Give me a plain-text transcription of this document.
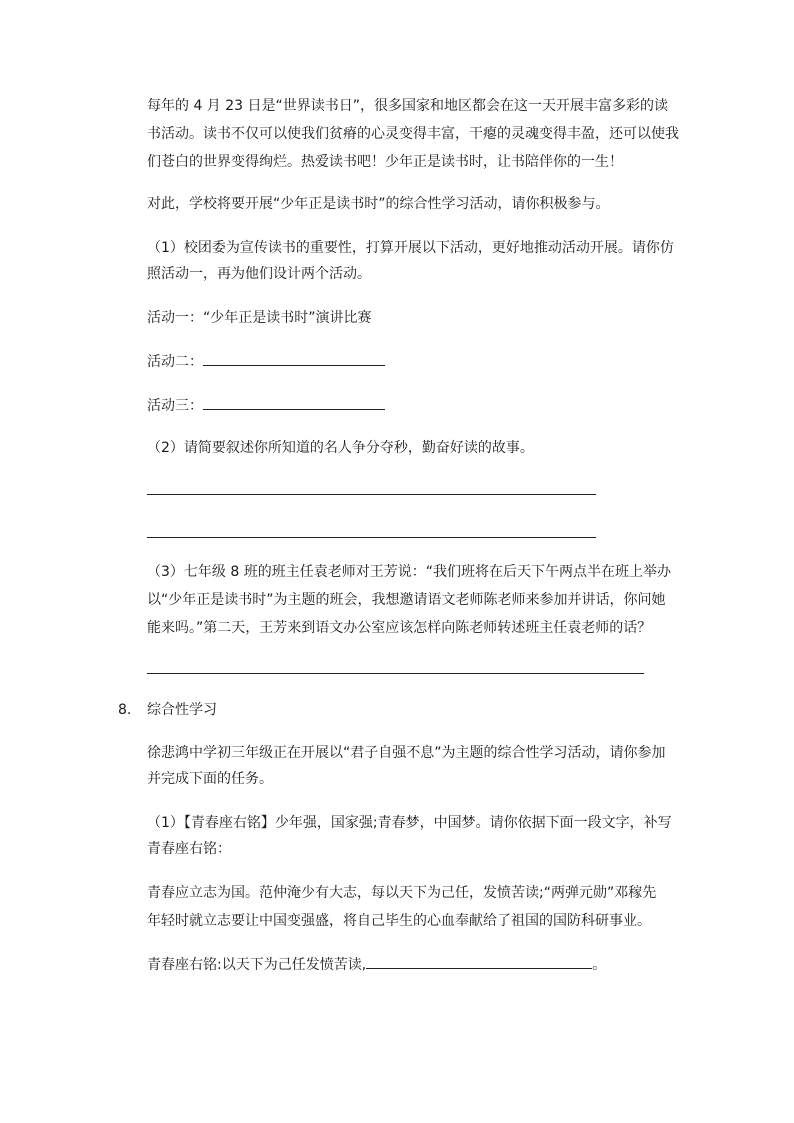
每年的 4 月 23 日是“世界读书日”，很多国家和地区都会在这一天开展丰富多彩的读
书活动。读书不仅可以使我们贫瘠的心灵变得丰富，干瘪的灵魂变得丰盈，还可以使我
们苍白的世界变得绚烂。热爱读书吧！少年正是读书时，让书陪伴你的一生！
对此，学校将要开展“少年正是读书时”的综合性学习活动，请你积极参与。
（1）校团委为宣传读书的重要性，打算开展以下活动，更好地推动活动开展。请你仿
照活动一，再为他们设计两个活动。
活动一：“少年正是读书时”演讲比赛
活动二：
活动三：
（2）请简要叙述你所知道的名人争分夺秒，勤奋好读的故事。
（3）七年级 8 班的班主任袁老师对王芳说：“我们班将在后天下午两点半在班上举办
以“少年正是读书时”为主题的班会，我想邀请语文老师陈老师来参加并讲话，你问她
能来吗。”第二天，王芳来到语文办公室应该怎样向陈老师转述班主任袁老师的话？
8. 综合性学习
徐悲鸿中学初三年级正在开展以“君子自强不息”为主题的综合性学习活动，请你参加
并完成下面的任务。
（1）【青春座右铭】少年强，国家强;青春梦，中国梦。请你依据下面一段文字，补写
青春座右铭：
青春应立志为国。范仲淹少有大志，每以天下为己任，发愤苦读;“两弹元勋”邓稼先
年轻时就立志要让中国变强盛，将自己毕生的心血奉献给了祖国的国防科研事业。
青春座右铭:以天下为己任发愤苦读,	。
